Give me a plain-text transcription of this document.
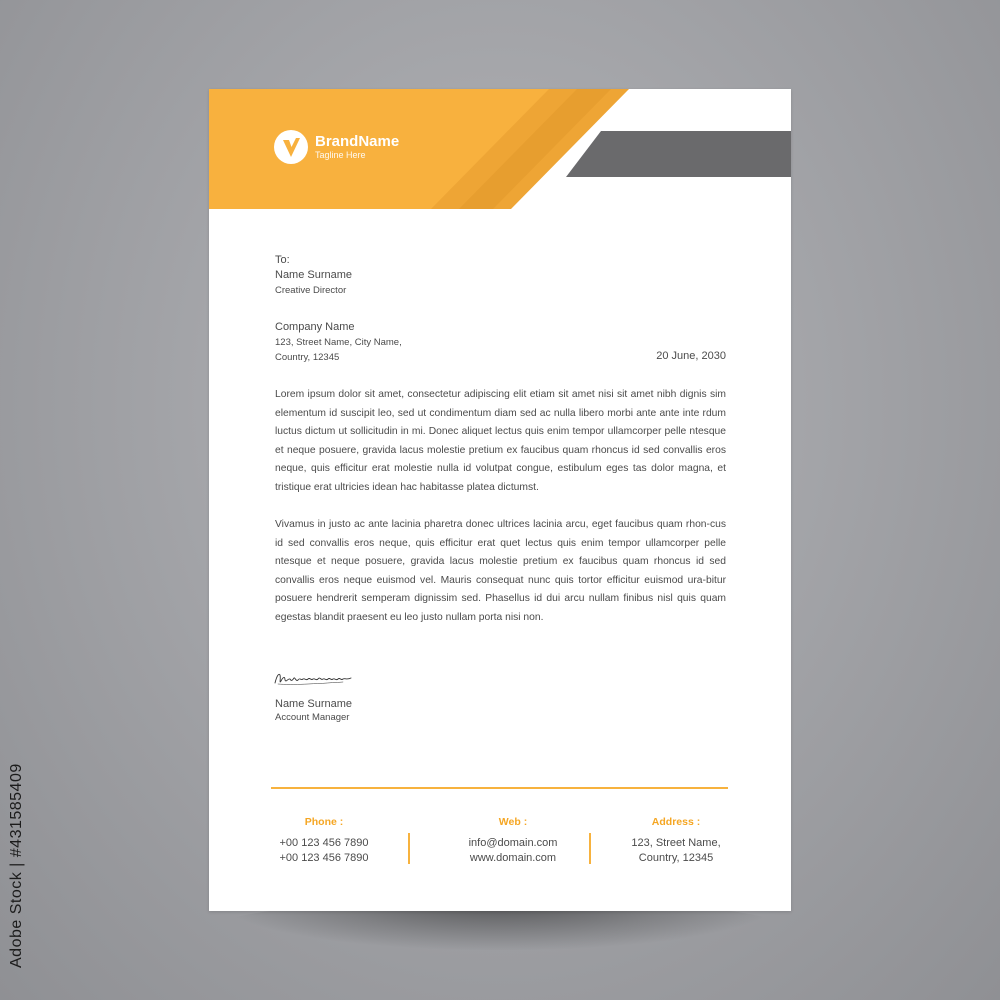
Adobe Stock | #431585409
BrandName
Tagline Here
To:
Name Surname
Creative Director
Company Name
123, Street Name, City Name,
Country, 12345	20 June, 2030

Lorem ipsum dolor sit amet, consectetur adipiscing elit etiam sit amet nisi sit amet nibh dignis sim elementum id suscipit leo, sed ut condimentum diam sed ac nulla libero morbi ante ante inte rdum luctus dictum ut sollicitudin in mi. Donec aliquet lectus quis enim tempor ullamcorper pelle ntesque et neque posuere, gravida lacus molestie pretium ex faucibus quam rhoncus id sed convallis eros neque, quis efficitur erat molestie nulla id volutpat congue, estibulum eges tas dolor magna, et tristique erat ultricies idean hac habitasse platea dictumst.

Vivamus in justo ac ante lacinia pharetra donec ultrices lacinia arcu, eget faucibus quam rhon-cus id sed convallis eros neque, quis efficitur erat quet lectus quis enim tempor ullamcorper pelle ntesque et neque posuere, gravida lacus molestie pretium ex faucibus quam rhoncus id sed convallis eros neque euismod vel. Mauris consequat nunc quis tortor efficitur euismod ura-bitur posuere hendrerit semperam dignissim sed. Phasellus id dui arcu nullam finibus nisl quis quam egestas blandit praesent eu leo justo nullam porta nisi non.

Name Surname
Account Manager
Phone :
+00 123 456 7890
+00 123 456 7890
Web :
info@domain.com
www.domain.com
Address :
123, Street Name,
Country, 12345
